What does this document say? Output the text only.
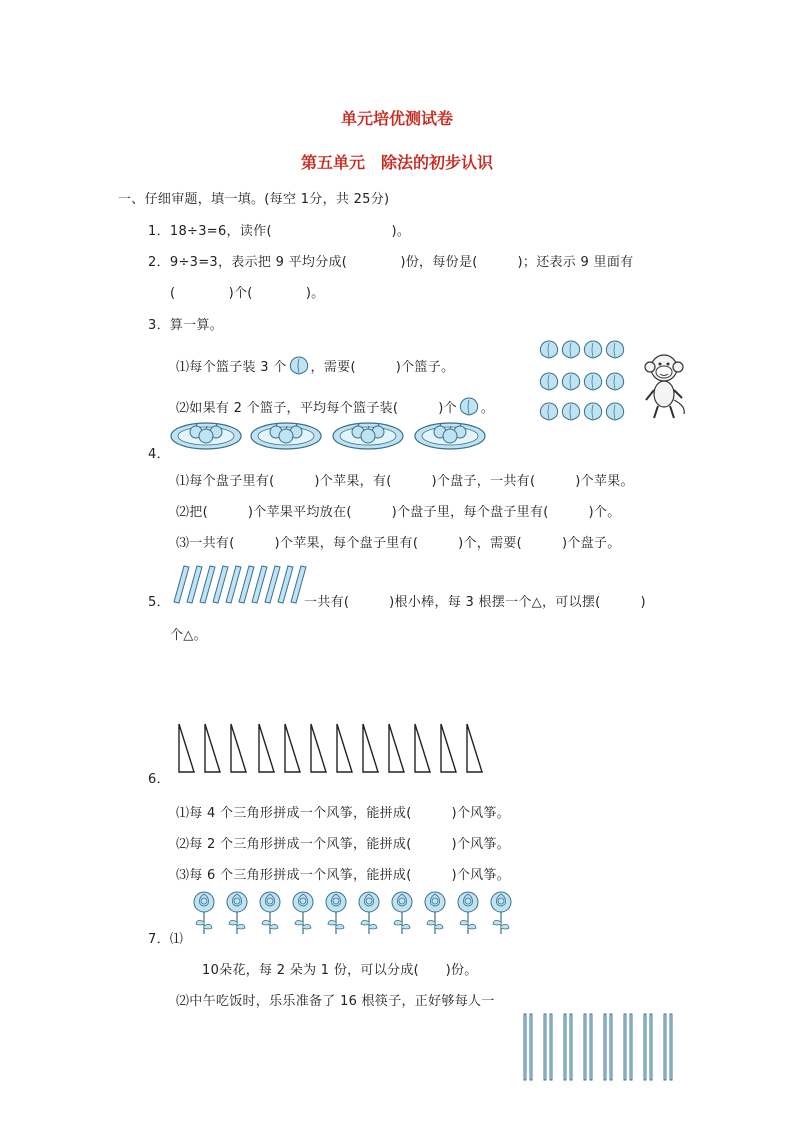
单元培优测试卷
第五单元　除法的初步认识
一、仔细审题，填一填。(每空 1分，共 25分)
1．18÷3=6，读作(　　　　　　　　　)。
2．9÷3=3，表示把 9 平均分成(　　　　)份，每份是(　　　)；还表示 9 里面有
(　　　　)个(　　　　)。
3．算一算。
⑴每个篮子装 3 个 ，需要(　　　)个篮子。
⑵如果有 2 个篮子，平均每个篮子装(　　　)个 。
4．
⑴每个盘子里有(　　　)个苹果，有(　　　)个盘子，一共有(　　　)个苹果。
⑵把(　　　)个苹果平均放在(　　　)个盘子里，每个盘子里有(　　　)个。
⑶一共有(　　　)个苹果，每个盘子里有(　　　)个，需要(　　　)个盘子。
5．	一共有(　　　)根小棒，每 3 根摆一个△，可以摆(　　　)
个△。
6．
⑴每 4 个三角形拼成一个风筝，能拼成(　　　)个风筝。
⑵每 2 个三角形拼成一个风筝，能拼成(　　　)个风筝。
⑶每 6 个三角形拼成一个风筝，能拼成(　　　)个风筝。
7．⑴
10朵花，每 2 朵为 1 份，可以分成(　　)份。
⑵中午吃饭时，乐乐准备了 16 根筷子，正好够每人一
